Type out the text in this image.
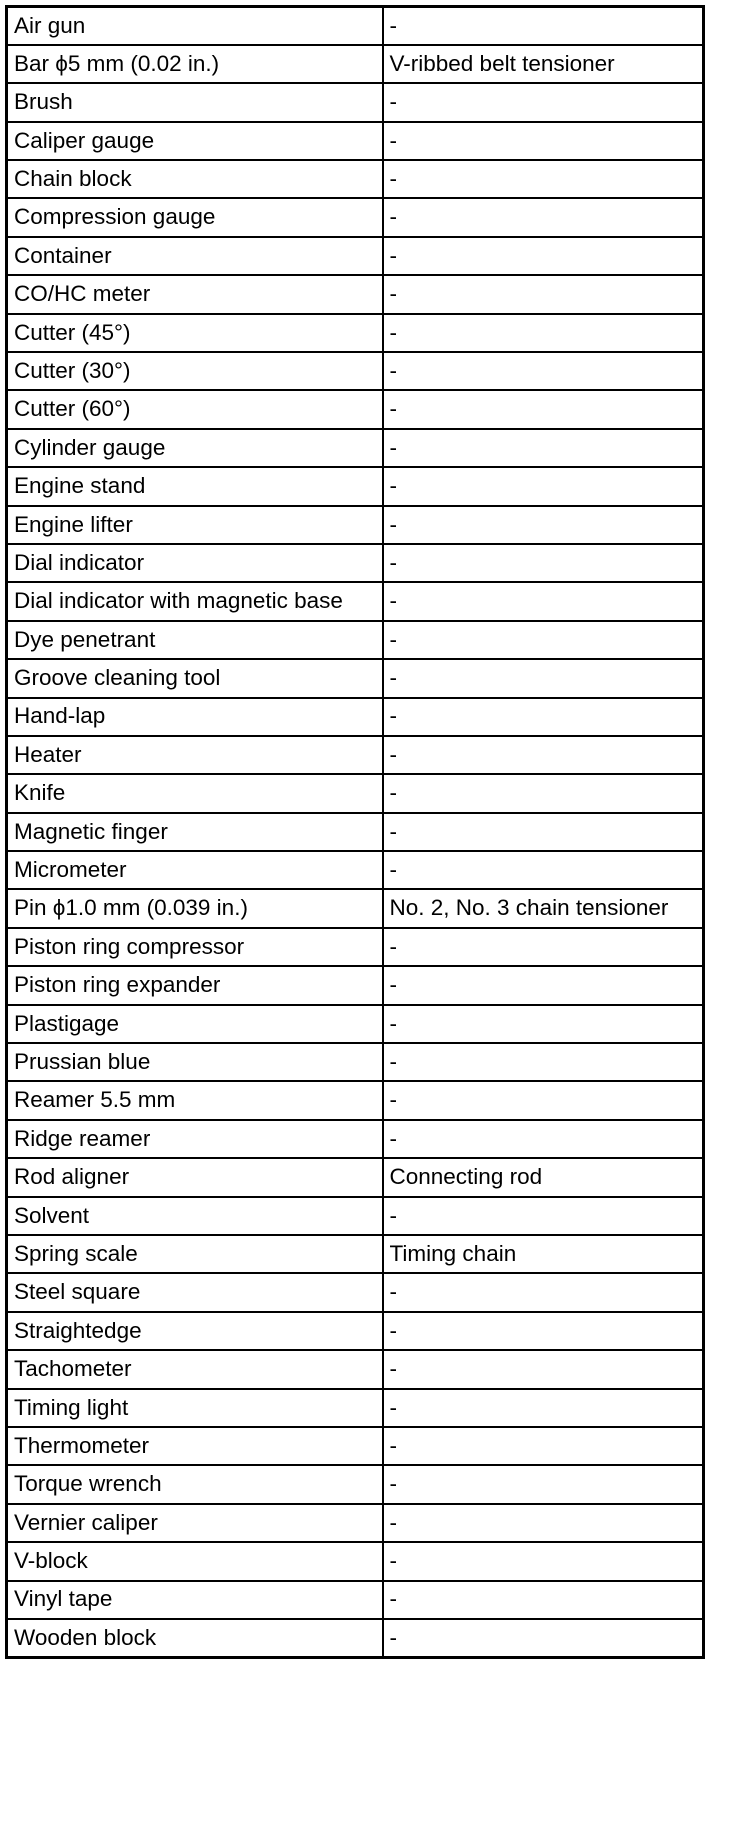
Air gun	-
Bar ϕ5 mm (0.02 in.)	V-ribbed belt tensioner
Brush	-
Caliper gauge	-
Chain block	-
Compression gauge	-
Container	-
CO/HC meter	-
Cutter (45°)	-
Cutter (30°)	-
Cutter (60°)	-
Cylinder gauge	-
Engine stand	-
Engine lifter	-
Dial indicator	-
Dial indicator with magnetic base	-
Dye penetrant	-
Groove cleaning tool	-
Hand-lap	-
Heater	-
Knife	-
Magnetic finger	-
Micrometer	-
Pin ϕ1.0 mm (0.039 in.)	No. 2, No. 3 chain tensioner
Piston ring compressor	-
Piston ring expander	-
Plastigage	-
Prussian blue	-
Reamer 5.5 mm	-
Ridge reamer	-
Rod aligner	Connecting rod
Solvent	-
Spring scale	Timing chain
Steel square	-
Straightedge	-
Tachometer	-
Timing light	-
Thermometer	-
Torque wrench	-
Vernier caliper	-
V-block	-
Vinyl tape	-
Wooden block	-
